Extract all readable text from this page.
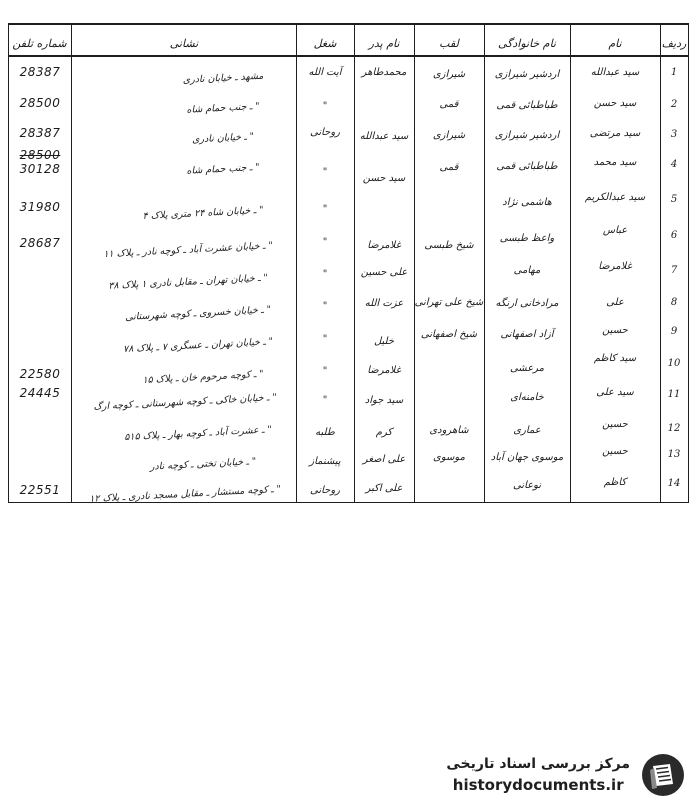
ردیف
نام
نام خانوادگی
لقب
نام پدر
شغل
نشانی
شماره تلفن
1
سید عبدالله
اردشیر شیرازی
شیرازی
محمدطاهر
آیت الله
مشهد ـ خیابان نادری
28387
2
سید حسن
طباطبائی قمی
قمی
"
" ـ جنب حمام شاه
28500
3
سید مرتضی
اردشیر شیرازی
شیرازی
سید عبدالله
روحانی
" ـ خیابان نادری
28387
4
سید محمد
طباطبائی قمی
قمی
سید حسن
"
" ـ جنب حمام شاه
28500
30128
5
سید عبدالکریم
هاشمی نژاد
"
" ـ خیابان شاه ۲۴ متری پلاک ۴
31980
6
عباس
واعظ طبسی
شیخ طبسی
غلامرضا
"
" ـ خیابان عشرت آباد ـ کوچه نادر ـ پلاک ۱۱
28687
7
غلامرضا
مهامی
علی حسین
"
" ـ خیابان تهران ـ مقابل نادری ۱ پلاک ۳۸
8
علی
مرادخانی ارنگه
شیخ علی تهرانی
عزت الله
"
" ـ خیابان خسروی ـ کوچه شهرستانی
9
حسین
آزاد اصفهانی
شیخ اصفهانی
خلیل
"
" ـ خیابان تهران ـ عسگری ۷ ـ پلاک ۷۸
10
سید کاظم
مرعشی
غلامرضا
"
" ـ کوچه مرحوم خان ـ پلاک ۱۵
22580
11
سید علی
خامنه‌ای
سید جواد
"
" ـ خیابان خاکی ـ کوچه شهرستانی ـ کوچه ارگ
24445
12
حسین
عماری
شاهرودی
کرم
طلبه
" ـ عشرت آباد ـ کوچه بهار ـ پلاک ۵۱۵
13
حسین
موسوی جهان آباد
موسوی
علی اصغر
پیشنماز
" ـ خیابان تختی ـ کوچه نادر
14
کاظم
نوعانی
علی اکبر
روحانی
" ـ کوچه مستشار ـ مقابل مسجد نادری ـ پلاک ۱۲
22551
مرکز بررسی اسناد تاریخی
historydocuments.ir
